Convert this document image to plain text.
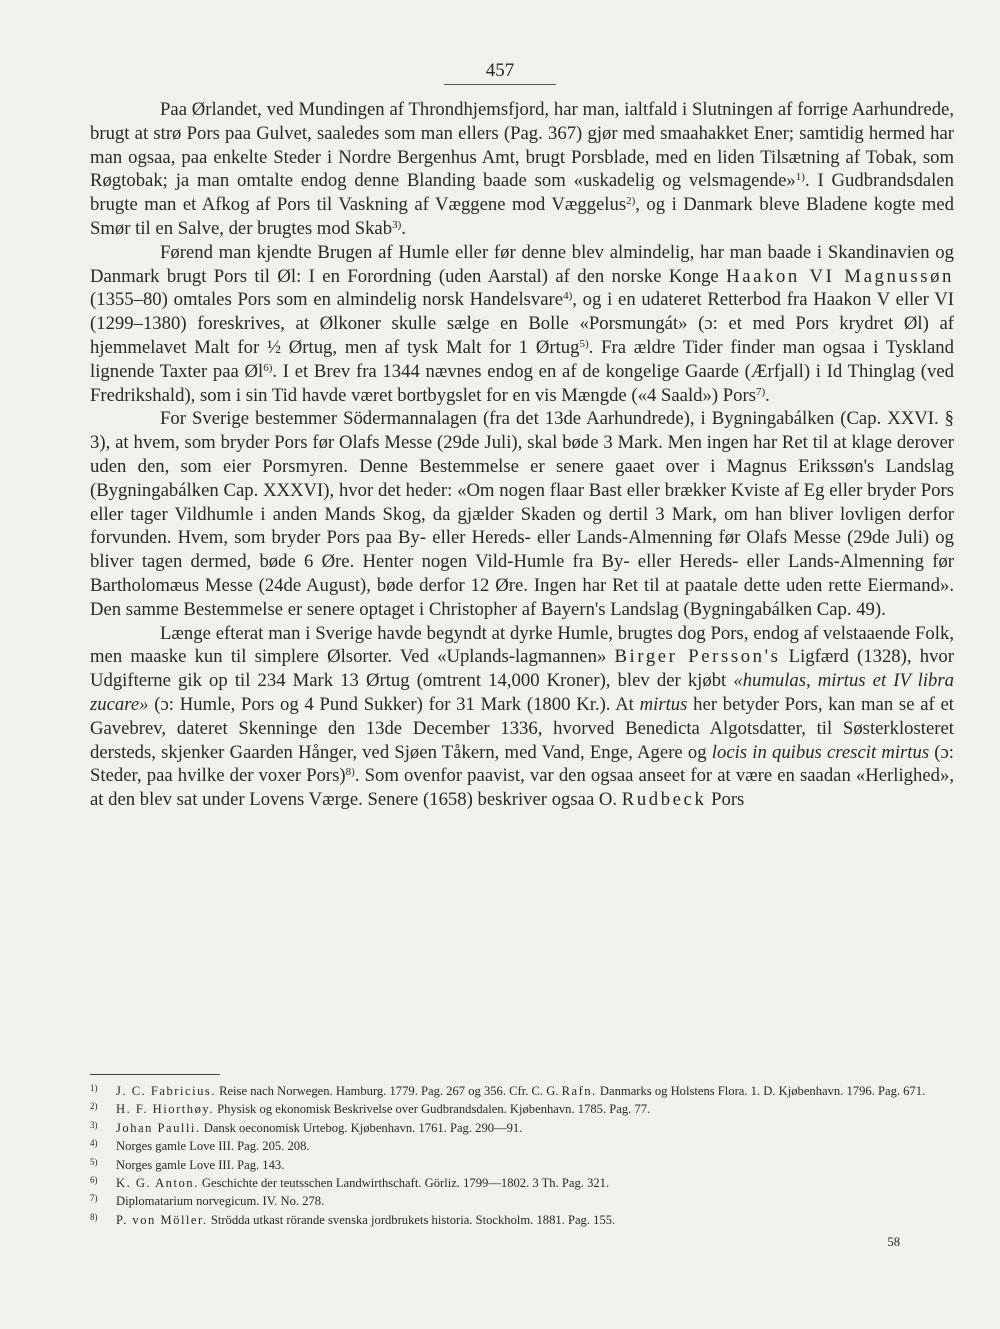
457

Paa Ørlandet, ved Mundingen af Throndhjemsfjord, har man, ialtfald i Slutningen af forrige Aarhundrede, brugt at strø Pors paa Gulvet, saaledes som man ellers (Pag. 367) gjør med smaahakket Ener; samtidig hermed har man ogsaa, paa enkelte Steder i Nordre Bergenhus Amt, brugt Porsblade, med en liden Tilsætning af Tobak, som Røgtobak; ja man omtalte endog denne Blanding baade som «uskadelig og velsmagende»$^{1)}$. I Gudbrandsdalen brugte man et Afkog af Pors til Vaskning af Væggene mod Væggelus$^{2)}$, og i Danmark bleve Bladene kogte med Smør til en Salve, der brugtes mod Skab$^{3)}$.

Førend man kjendte Brugen af Humle eller før denne blev almindelig, har man baade i Skandinavien og Danmark brugt Pors til Øl: I en Forordning (uden Aarstal) af den norske Konge Haakon VI Magnussøn (1355–80) omtales Pors som en almindelig norsk Handelsvare$^{4)}$, og i en udateret Retterbod fra Haakon V eller VI (1299–1380) foreskrives, at Ølkoner skulle sælge en Bolle «Porsmungát» (ɔ: et med Pors krydret Øl) af hjemmelavet Malt for ½ Ørtug, men af tysk Malt for 1 Ørtug$^{5)}$. Fra ældre Tider finder man ogsaa i Tyskland lignende Taxter paa $Øl^{6)}$. I et Brev fra 1344 nævnes endog en af de kongelige Gaarde (Ærfjall) i Id Thinglag (ved Fredrikshald), som i sin Tid havde været bortbygslet for en vis Mængde («4 Saald») Pors$^{7)}$.

For Sverige bestemmer Södermannalagen (fra det 13de Aarhundrede), i Bygningabálken (Cap. XXVI. § 3), at hvem, som bryder Pors før Olafs Messe (29de Juli), skal bøde 3 Mark. Men ingen har Ret til at klage derover uden den, som eier Porsmyren. Denne Bestemmelse er senere gaaet over i Magnus Erikssøn's Landslag (Bygningabálken Cap. XXXVI), hvor det heder: «Om nogen flaar Bast eller brækker Kviste af Eg eller bryder Pors eller tager Vildhumle i anden Mands Skog, da gjælder Skaden og dertil 3 Mark, om han bliver lovligen derfor forvunden. Hvem, som bryder Pors paa By- eller Hereds- eller Lands-Almenning før Olafs Messe (29de Juli) og bliver tagen dermed, bøde 6 Øre. Henter nogen Vild-Humle fra By- eller Hereds- eller Lands-Almenning før Bartholomæus Messe (24de August), bøde derfor 12 Øre. Ingen har Ret til at paatale dette uden rette Eiermand». Den samme Bestemmelse er senere optaget i Christopher af Bayern's Landslag (Bygningabálken Cap. 49).

Længe efterat man i Sverige havde begyndt at dyrke Humle, brugtes dog Pors, endog af velstaaende Folk, men maaske kun til simplere Ølsorter. Ved «Uplands-lagmannen» Birger Persson's Ligfærd (1328), hvor Udgifterne gik op til 234 Mark 13 Ørtug (omtrent 14,000 Kroner), blev der kjøbt «humulas, mirtus et IV libra zucare» (ɔ: Humle, Pors og 4 Pund Sukker) for 31 Mark (1800 Kr.). At mirtus her betyder Pors, kan man se af et Gavebrev, dateret Skenninge den 13de December 1336, hvorved Benedicta Algotsdatter, til Søsterklosteret dersteds, skjenker Gaarden Hånger, ved Sjøen Tåkern, med Vand, Enge, Agere og locis in quibus crescit mirtus (ɔ: Steder, paa hvilke der voxer Pors)$^{8)}$. Som ovenfor paavist, var den ogsaa anseet for at være en saadan «Herlighed», at den blev sat under Lovens Værge. Senere (1658) beskriver ogsaa O. Rudbeck Pors

$^{1)}$	J. C. Fabricius. Reise nach Norwegen. Hamburg. 1779. Pag. 267 og 356. Cfr. C. G. Rafn. Danmarks og Holstens Flora. 1. D. Kjøbenhavn. 1796. Pag. 671.
$^{2)}$	H. F. Hiorthøy. Physisk og ekonomisk Beskrivelse over Gudbrandsdalen. Kjøbenhavn. 1785. Pag. 77.
$^{3)}$	Johan Paulli. Dansk oeconomisk Urtebog. Kjøbenhavn. 1761. Pag. 290—91.
$^{4)}$	Norges gamle Love III. Pag. 205. 208.
$^{5)}$	Norges gamle Love III. Pag. 143.
$^{6)}$	K. G. Anton. Geschichte der teutsschen Landwirthschaft. Görliz. 1799—1802. 3 Th. Pag. 321.
$^{7)}$	Diplomatarium norvegicum. IV. No. 278.
$^{8)}$	P. von Möller. Strödda utkast rörande svenska jordbrukets historia. Stockholm. 1881. Pag. 155.
58
